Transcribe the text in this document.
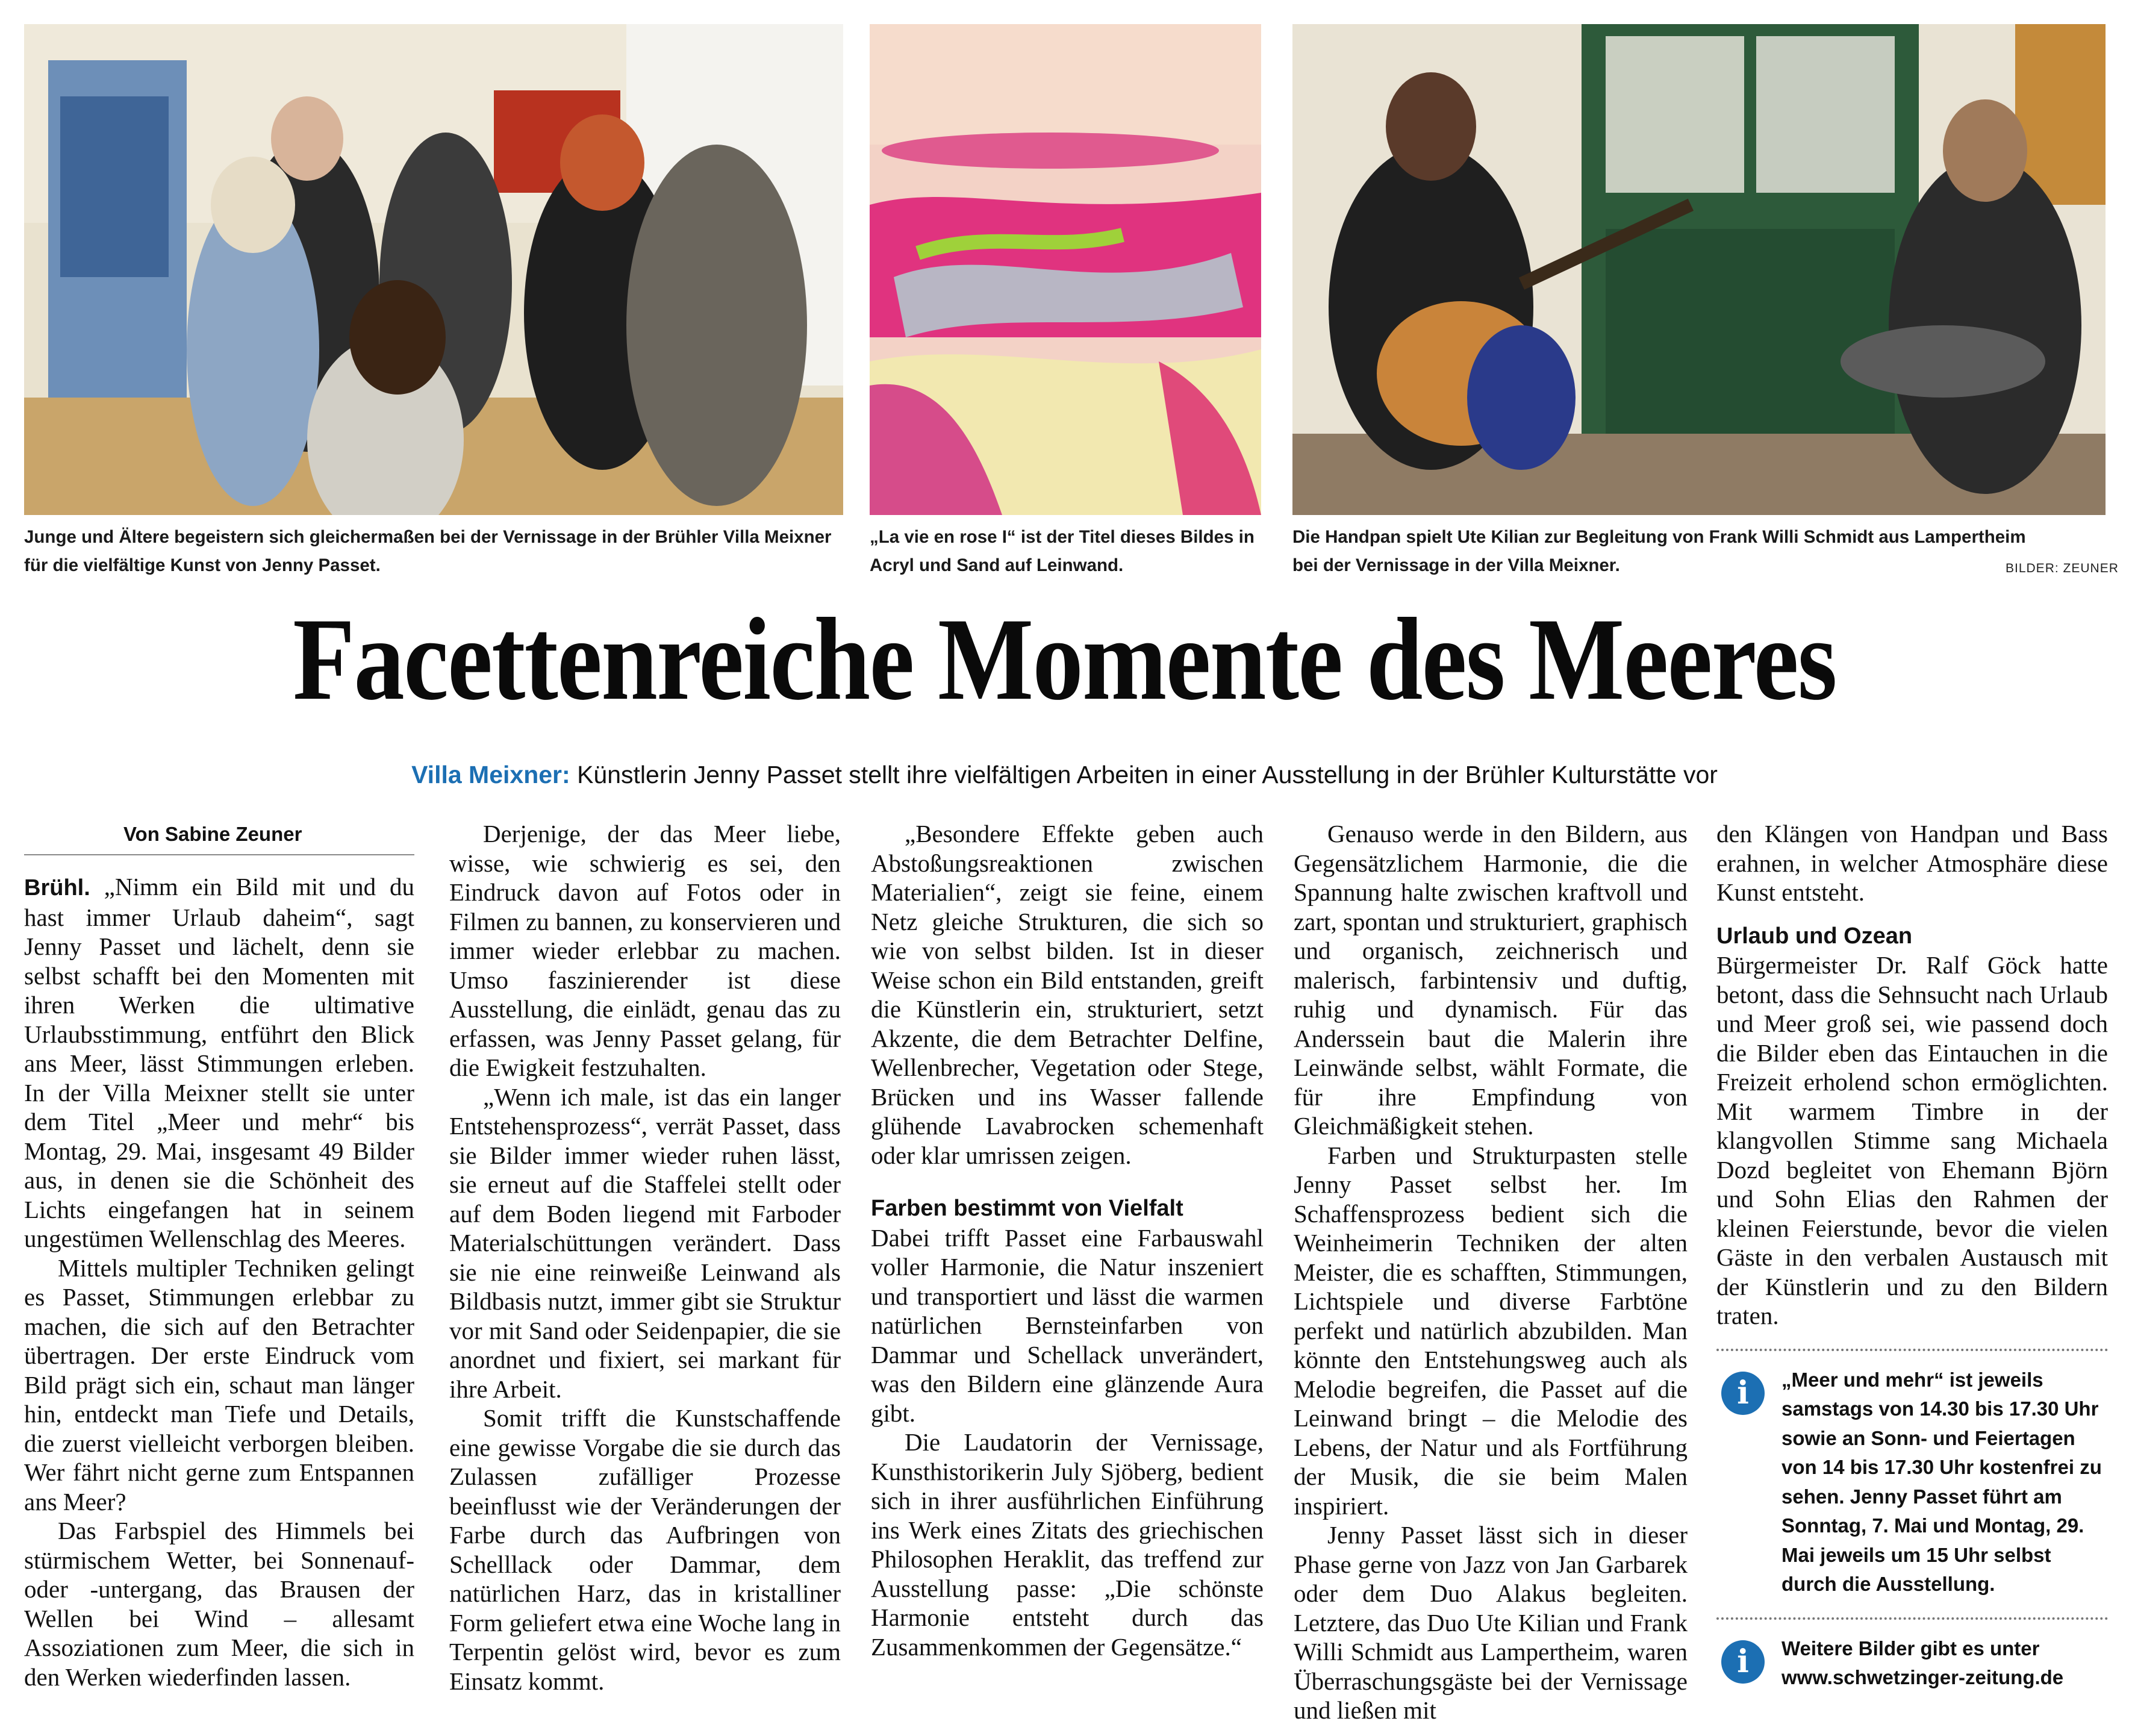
Junge und Ältere begeistern sich gleichermaßen bei der Vernissage in der Brühler Villa Meixner für die vielfältige Kunst von Jenny Passet.
„La vie en rose I“ ist der Titel dieses Bildes in Acryl und Sand auf Leinwand.
Die Handpan spielt Ute Kilian zur Begleitung von Frank Willi Schmidt aus Lampertheim bei der Vernissage in der Villa Meixner.	BILDER: ZEUNER
Facettenreiche Momente des Meeres
Villa Meixner: Künstlerin Jenny Passet stellt ihre vielfältigen Arbeiten in einer Ausstellung in der Brühler Kulturstätte vor
Von Sabine Zeuner

Brühl. „Nimm ein Bild mit und du hast immer Urlaub daheim“, sagt Jenny Passet und lächelt, denn sie selbst schafft bei den Momenten mit ihren Werken die ultimative Urlaubsstimmung, entführt den Blick ans Meer, lässt Stimmungen erleben. In der Villa Meixner stellt sie unter dem Titel „Meer und mehr“ bis Montag, 29. Mai, insgesamt 49 Bilder aus, in denen sie die Schönheit des Lichts eingefangen hat in seinem ungestümen Wellenschlag des Meeres.

Mittels multipler Techniken gelingt es Passet, Stimmungen erlebbar zu machen, die sich auf den Betrachter übertragen. Der erste Eindruck vom Bild prägt sich ein, schaut man länger hin, entdeckt man Tiefe und Details, die zuerst vielleicht verborgen bleiben. Wer fährt nicht gerne zum Entspannen ans Meer?

Das Farbspiel des Himmels bei stürmischem Wetter, bei Sonnenauf- oder -untergang, das Brausen der Wellen bei Wind – allesamt Assoziationen zum Meer, die sich in den Werken wiederfinden lassen.

Derjenige, der das Meer liebe, wisse, wie schwierig es sei, den Eindruck davon auf Fotos oder in Filmen zu bannen, zu konservieren und immer wieder erlebbar zu machen. Umso faszinierender ist diese Ausstellung, die einlädt, genau das zu erfassen, was Jenny Passet gelang, für die Ewigkeit festzuhalten.

„Wenn ich male, ist das ein langer Entstehensprozess“, verrät Passet, dass sie Bilder immer wieder ruhen lässt, sie erneut auf die Staffelei stellt oder auf dem Boden liegend mit Farboder Materialschüttungen verändert. Dass sie nie eine reinweiße Leinwand als Bildbasis nutzt, immer gibt sie Struktur vor mit Sand oder Seidenpapier, die sie anordnet und fixiert, sei markant für ihre Arbeit.

Somit trifft die Kunstschaffende eine gewisse Vorgabe die sie durch das Zulassen zufälliger Prozesse beeinflusst wie der Veränderungen der Farbe durch das Aufbringen von Schelllack oder Dammar, dem natürlichen Harz, das in kristalliner Form geliefert etwa eine Woche lang in Terpentin gelöst wird, bevor es zum Einsatz kommt.

„Besondere Effekte geben auch Abstoßungsreaktionen zwischen Materialien“, zeigt sie feine, einem Netz gleiche Strukturen, die sich so wie von selbst bilden. Ist in dieser Weise schon ein Bild entstanden, greift die Künstlerin ein, strukturiert, setzt Akzente, die dem Betrachter Delfine, Wellenbrecher, Vegetation oder Stege, Brücken und ins Wasser fallende glühende Lavabrocken schemenhaft oder klar umrissen zeigen.

Farben bestimmt von Vielfalt

Dabei trifft Passet eine Farbauswahl voller Harmonie, die Natur inszeniert und transportiert und lässt die warmen natürlichen Bernsteinfarben von Dammar und Schellack unverändert, was den Bildern eine glänzende Aura gibt.

Die Laudatorin der Vernissage, Kunsthistorikerin July Sjöberg, bedient sich in ihrer ausführlichen Einführung ins Werk eines Zitats des griechischen Philosophen Heraklit, das treffend zur Ausstellung passe: „Die schönste Harmonie entsteht durch das Zusammenkommen der Gegensätze.“

Genauso werde in den Bildern, aus Gegensätzlichem Harmonie, die die Spannung halte zwischen kraftvoll und zart, spontan und strukturiert, graphisch und organisch, zeichnerisch und malerisch, farbintensiv und duftig, ruhig und dynamisch. Für das Anderssein baut die Malerin ihre Leinwände selbst, wählt Formate, die für ihre Empfindung von Gleichmäßigkeit stehen.

Farben und Strukturpasten stelle Jenny Passet selbst her. Im Schaffensprozess bedient sich die Weinheimerin Techniken der alten Meister, die es schafften, Stimmungen, Lichtspiele und diverse Farbtöne perfekt und natürlich abzubilden. Man könnte den Entstehungsweg auch als Melodie begreifen, die Passet auf die Leinwand bringt – die Melodie des Lebens, der Natur und als Fortführung der Musik, die sie beim Malen inspiriert.

Jenny Passet lässt sich in dieser Phase gerne von Jazz von Jan Garbarek oder dem Duo Alakus begleiten. Letztere, das Duo Ute Kilian und Frank Willi Schmidt aus Lampertheim, waren Überraschungsgäste bei der Vernissage und ließen mit

den Klängen von Handpan und Bass erahnen, in welcher Atmosphäre diese Kunst entsteht.

Urlaub und Ozean

Bürgermeister Dr. Ralf Göck hatte betont, dass die Sehnsucht nach Urlaub und Meer groß sei, wie passend doch die Bilder eben das Eintauchen in die Freizeit erholend schon ermöglichten. Mit warmem Timbre in der klangvollen Stimme sang Michaela Dozd begleitet von Ehemann Björn und Sohn Elias den Rahmen der kleinen Feierstunde, bevor die vielen Gäste in den verbalen Austausch mit der Künstlerin und zu den Bildern traten.

i	„Meer und mehr“ ist jeweils samstags von 14.30 bis 17.30 Uhr sowie an Sonn- und Feiertagen von 14 bis 17.30 Uhr kostenfrei zu sehen. Jenny Passet führt am Sonntag, 7. Mai und Montag, 29. Mai jeweils um 15 Uhr selbst durch die Ausstellung.
i	Weitere Bilder gibt es unter www.schwetzinger-zeitung.de
